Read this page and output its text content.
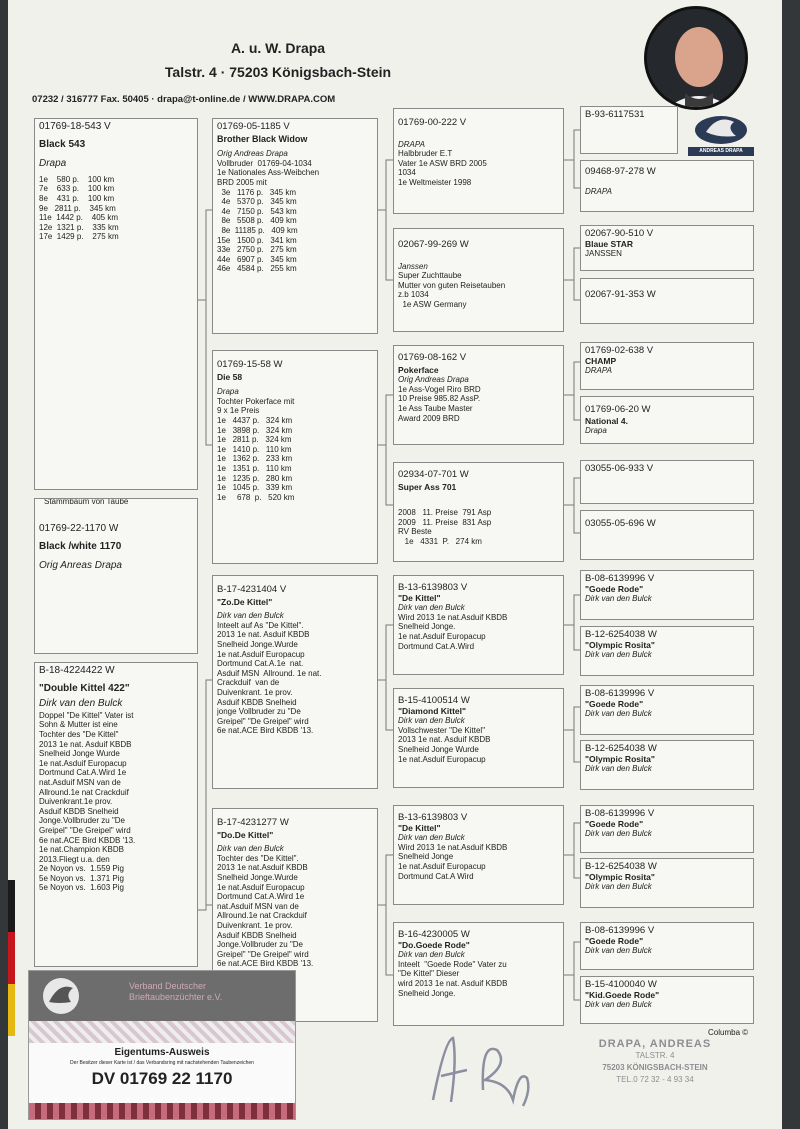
A. u. W. Drapa
Talstr. 4 · 75203 Königsbach-Stein
07232 / 316777 Fax. 50405 · drapa@t-online.de / WWW.DRAPA.COM
ANDREAS DRAPA
01769-18-543 V
Black 543
Drapa
1e    580 p.    100 km
7e    633 p.    100 km
8e    431 p.    100 km
9e   2811 p.    345 km
11e  1442 p.    405 km
12e  1321 p.    335 km
17e  1429 p.    275 km
Stammbaum von Taube
01769-22-1170 W
Black /white 1170
Orig Anreas Drapa
B-18-4224422 W
"Double Kittel 422"
Dirk van den Bulck
Doppel "De Kittel" Vater ist
Sohn & Mutter ist eine
Tochter des "De Kittel"
2013 1e nat. Asduif KBDB
Snelheid Jonge Wurde
1e nat.Asduif Europacup
Dortmund Cat.A.Wird 1e
nat.Asduif MSN van de
Allround.1e nat Crackduif
Duivenkrant.1e prov.
Asduif KBDB Snelheid
Jonge.Vollbruder zu "De
Greipel" "De Greipel" wird
6e nat.ACE Bird KBDB '13.
1e nat.Champion KBDB
2013.Fliegt u.a. den
2e Noyon vs.  1.559 Pig
5e Noyon vs.  1.371 Pig
5e Noyon vs.  1.603 Pig
01769-05-1185 V
Brother Black Widow
Orig Andreas Drapa
Vollbruder  01769-04-1034
1e Nationales Ass-Weibchen
BRD 2005 mit
3e   1176 p.   345 km
4e   5370 p.   345 km
4e   7150 p.   543 km
8e   5508 p.   409 km
8e  11185 p.   409 km
15e   1500 p.   341 km
33e   2750 p.   275 km
44e   6907 p.   345 km
46e   4584 p.   255 km
01769-15-58 W
Die 58
Drapa
Tochter Pokerface mit
9 x 1e Preis
1e   4437 p.   324 km
1e   3898 p.   324 km
1e   2811 p.   324 km
1e   1410 p.   110 km
1e   1362 p.   233 km
1e   1351 p.   110 km
1e   1235 p.   280 km
1e   1045 p.   339 km
1e     678  p.   520 km
B-17-4231404 V
"Zo.De Kittel"
Dirk van den Bulck
Inteelt auf As "De Kittel".
2013 1e nat. Asduif KBDB
Snelheid Jonge.Wurde
1e nat.Asduif Europacup
Dortmund Cat.A.1e  nat.
Asduif MSN  Allround. 1e nat.
Crackduif  van de
Duivenkrant. 1e prov.
Asduif KBDB Snelheid
jonge Vollbruder zu "De
Greipel" "De Greipel" wird
6e nat.ACE Bird KBDB '13.
B-17-4231277 W
"Do.De Kittel"
Dirk van den Bulck
Tochter des "De Kittel".
2013 1e nat.Asduif KBDB
Snelheid Jonge.Wurde
1e nat.Asduif Europacup
Dortmund Cat.A.Wird 1e
nat.Asduif MSN van de
Allround.1e nat Crackduif
Duivenkrant. 1e prov.
Asduif KBDB Snelheid
Jonge.Vollbruder zu "De
Greipel" "De Greipel" wird
6e nat.ACE Bird KBDB '13.
01769-00-222 V
DRAPA
Halbbruder E.T
Vater 1e ASW BRD 2005
1034
1e Weltmeister 1998
02067-99-269 W
Janssen
Super Zuchttaube
Mutter von guten Reisetauben
z.b 1034
1e ASW Germany
01769-08-162 V
Pokerface
Orig Andreas Drapa
1e Ass-Vogel Riro BRD
10 Preise 985.82 AssP.
1e Ass Taube Master
Award 2009 BRD
02934-07-701 W
Super Ass 701
2008   11. Preise  791 Asp
2009   11. Preise  831 Asp
RV Beste
1e   4331  P.   274 km
B-13-6139803 V
"De Kittel"
Dirk van den Bulck
Wird 2013 1e nat.Asduif KBDB
Snelheid Jonge.
1e nat.Asduif Europacup
Dortmund Cat.A.Wird
B-15-4100514 W
"Diamond Kittel"
Dirk van den Bulck
Vollschwester "De Kittel"
2013 1e nat. Asduif KBDB
Snelheid Jonge Wurde
1e nat.Asduif Europacup
B-13-6139803 V
"De Kittel"
Dirk van den Bulck
Wird 2013 1e nat.Asduif KBDB
Snelheid Jonge
1e nat.Asduif Europacup
Dortmund Cat.A Wird
B-16-4230005 W
"Do.Goede Rode"
Dirk van den Bulck
Inteelt  "Goede Rode" Vater zu
"De Kittel" Dieser
wird 2013 1e nat. Asduif KBDB
Snelheid Jonge.
B-93-6117531
09468-97-278 W
DRAPA
02067-90-510 V
Blaue STAR
JANSSEN
02067-91-353 W
01769-02-638 V
CHAMP
DRAPA
01769-06-20 W
National 4.
Drapa
03055-06-933 V
03055-05-696 W
B-08-6139996 V
"Goede Rode"
Dirk van den Bulck
B-12-6254038 W
"Olympic Rosita"
Dirk van den Bulck
B-08-6139996 V
"Goede Rode"
Dirk van den Bulck
B-12-6254038 W
"Olympic Rosita"
Dirk van den Bulck
B-08-6139996 V
"Goede Rode"
Dirk van den Bulck
B-12-6254038 W
"Olympic Rosita"
Dirk van den Bulck
B-08-6139996 V
"Goede Rode"
Dirk van den Bulck
B-15-4100040 W
"Kid.Goede Rode"
Dirk van den Bulck
Columba ©
DRAPA, ANDREAS
TALSTR. 4
75203 KÖNIGSBACH-STEIN
TEL.0 72 32 - 4 93 34
Verband Deutscher
Brieftaubenzüchter e.V.
Eigentums-Ausweis
Der Besitzer dieser Karte ist / das Verbandsring mit nachstehenden Taubenzeichen
DV 01769 22 1170
